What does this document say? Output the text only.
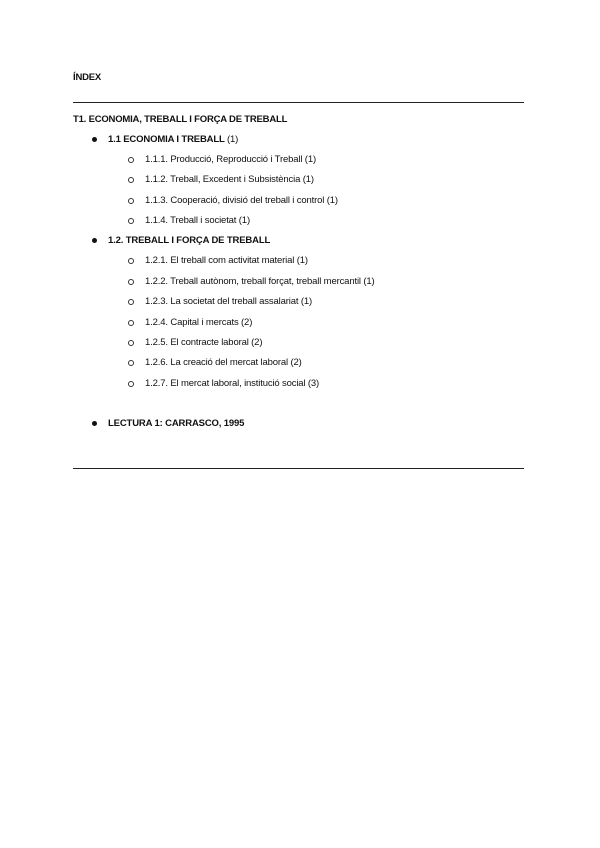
ÍNDEX
T1. ECONOMIA, TREBALL I FORÇA DE TREBALL
1.1 ECONOMIA I TREBALL (1)
1.1.1. Producció, Reproducció i Treball (1)
1.1.2. Treball, Excedent i Subsistència (1)
1.1.3. Cooperació, divisió del treball i control (1)
1.1.4. Treball i societat (1)
1.2. TREBALL I FORÇA DE TREBALL
1.2.1. El treball com activitat material (1)
1.2.2. Treball autònom, treball forçat, treball mercantil (1)
1.2.3. La societat del treball assalariat (1)
1.2.4. Capital i mercats (2)
1.2.5. El contracte laboral (2)
1.2.6. La creació del mercat laboral (2)
1.2.7. El mercat laboral, institució social (3)
LECTURA 1: CARRASCO, 1995
